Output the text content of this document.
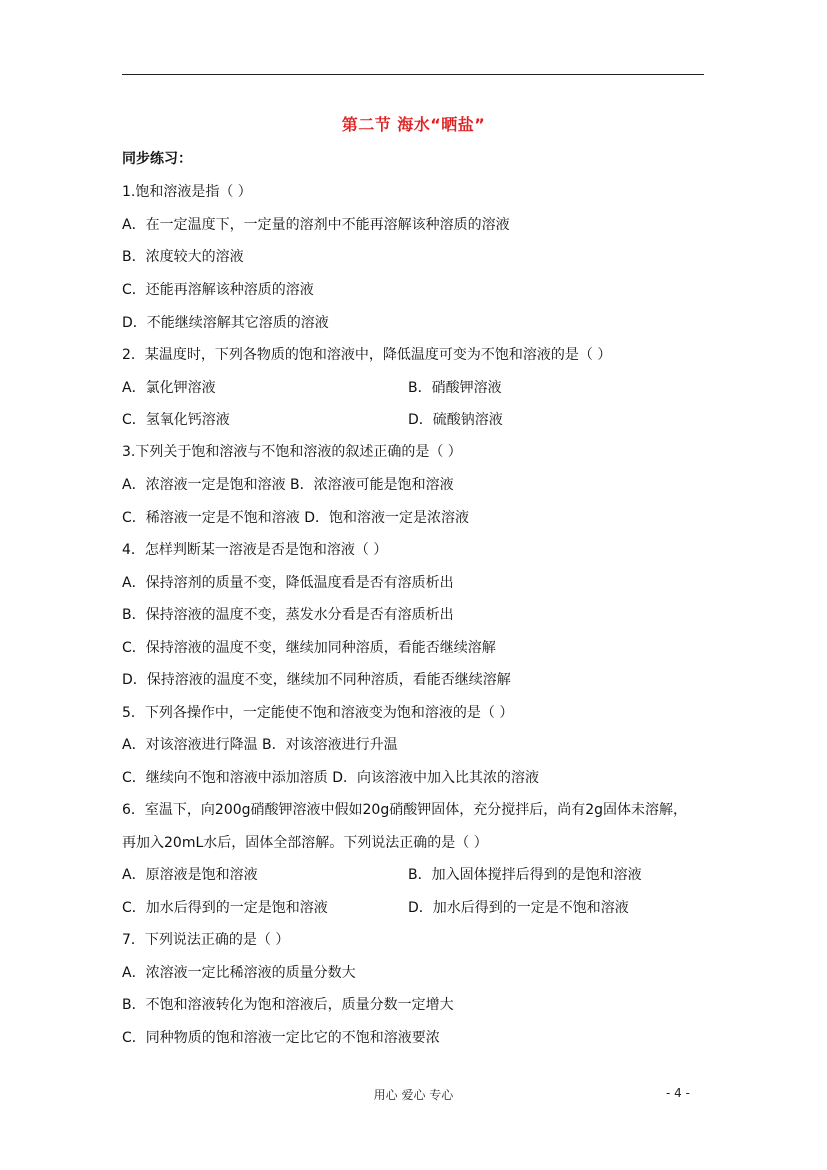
第二节 海水“晒盐”
同步练习：
1.饱和溶液是指（ ）
A．在一定温度下，一定量的溶剂中不能再溶解该种溶质的溶液
B．浓度较大的溶液
C．还能再溶解该种溶质的溶液
D．不能继续溶解其它溶质的溶液
2．某温度时，下列各物质的饱和溶液中，降低温度可变为不饱和溶液的是（ ）
A．氯化钾溶液	B．硝酸钾溶液
C．氢氧化钙溶液	D．硫酸钠溶液
3.下列关于饱和溶液与不饱和溶液的叙述正确的是（ ）
A．浓溶液一定是饱和溶液 B．浓溶液可能是饱和溶液
C．稀溶液一定是不饱和溶液 D．饱和溶液一定是浓溶液
4．怎样判断某一溶液是否是饱和溶液（ ）
A．保持溶剂的质量不变，降低温度看是否有溶质析出
B．保持溶液的温度不变，蒸发水分看是否有溶质析出
C．保持溶液的温度不变，继续加同种溶质，看能否继续溶解
D．保持溶液的温度不变，继续加不同种溶质，看能否继续溶解
5．下列各操作中，一定能使不饱和溶液变为饱和溶液的是（ ）
A．对该溶液进行降温 B．对该溶液进行升温
C．继续向不饱和溶液中添加溶质 D．向该溶液中加入比其浓的溶液
6．室温下，向200g硝酸钾溶液中假如20g硝酸钾固体，充分搅拌后，尚有2g固体未溶解，
再加入20mL水后，固体全部溶解。下列说法正确的是（ ）
A．原溶液是饱和溶液	B．加入固体搅拌后得到的是饱和溶液
C．加水后得到的一定是饱和溶液	D．加水后得到的一定是不饱和溶液
7．下列说法正确的是（ ）
A．浓溶液一定比稀溶液的质量分数大
B．不饱和溶液转化为饱和溶液后，质量分数一定增大
C．同种物质的饱和溶液一定比它的不饱和溶液要浓
用心 爱心 专心	- 4 -
